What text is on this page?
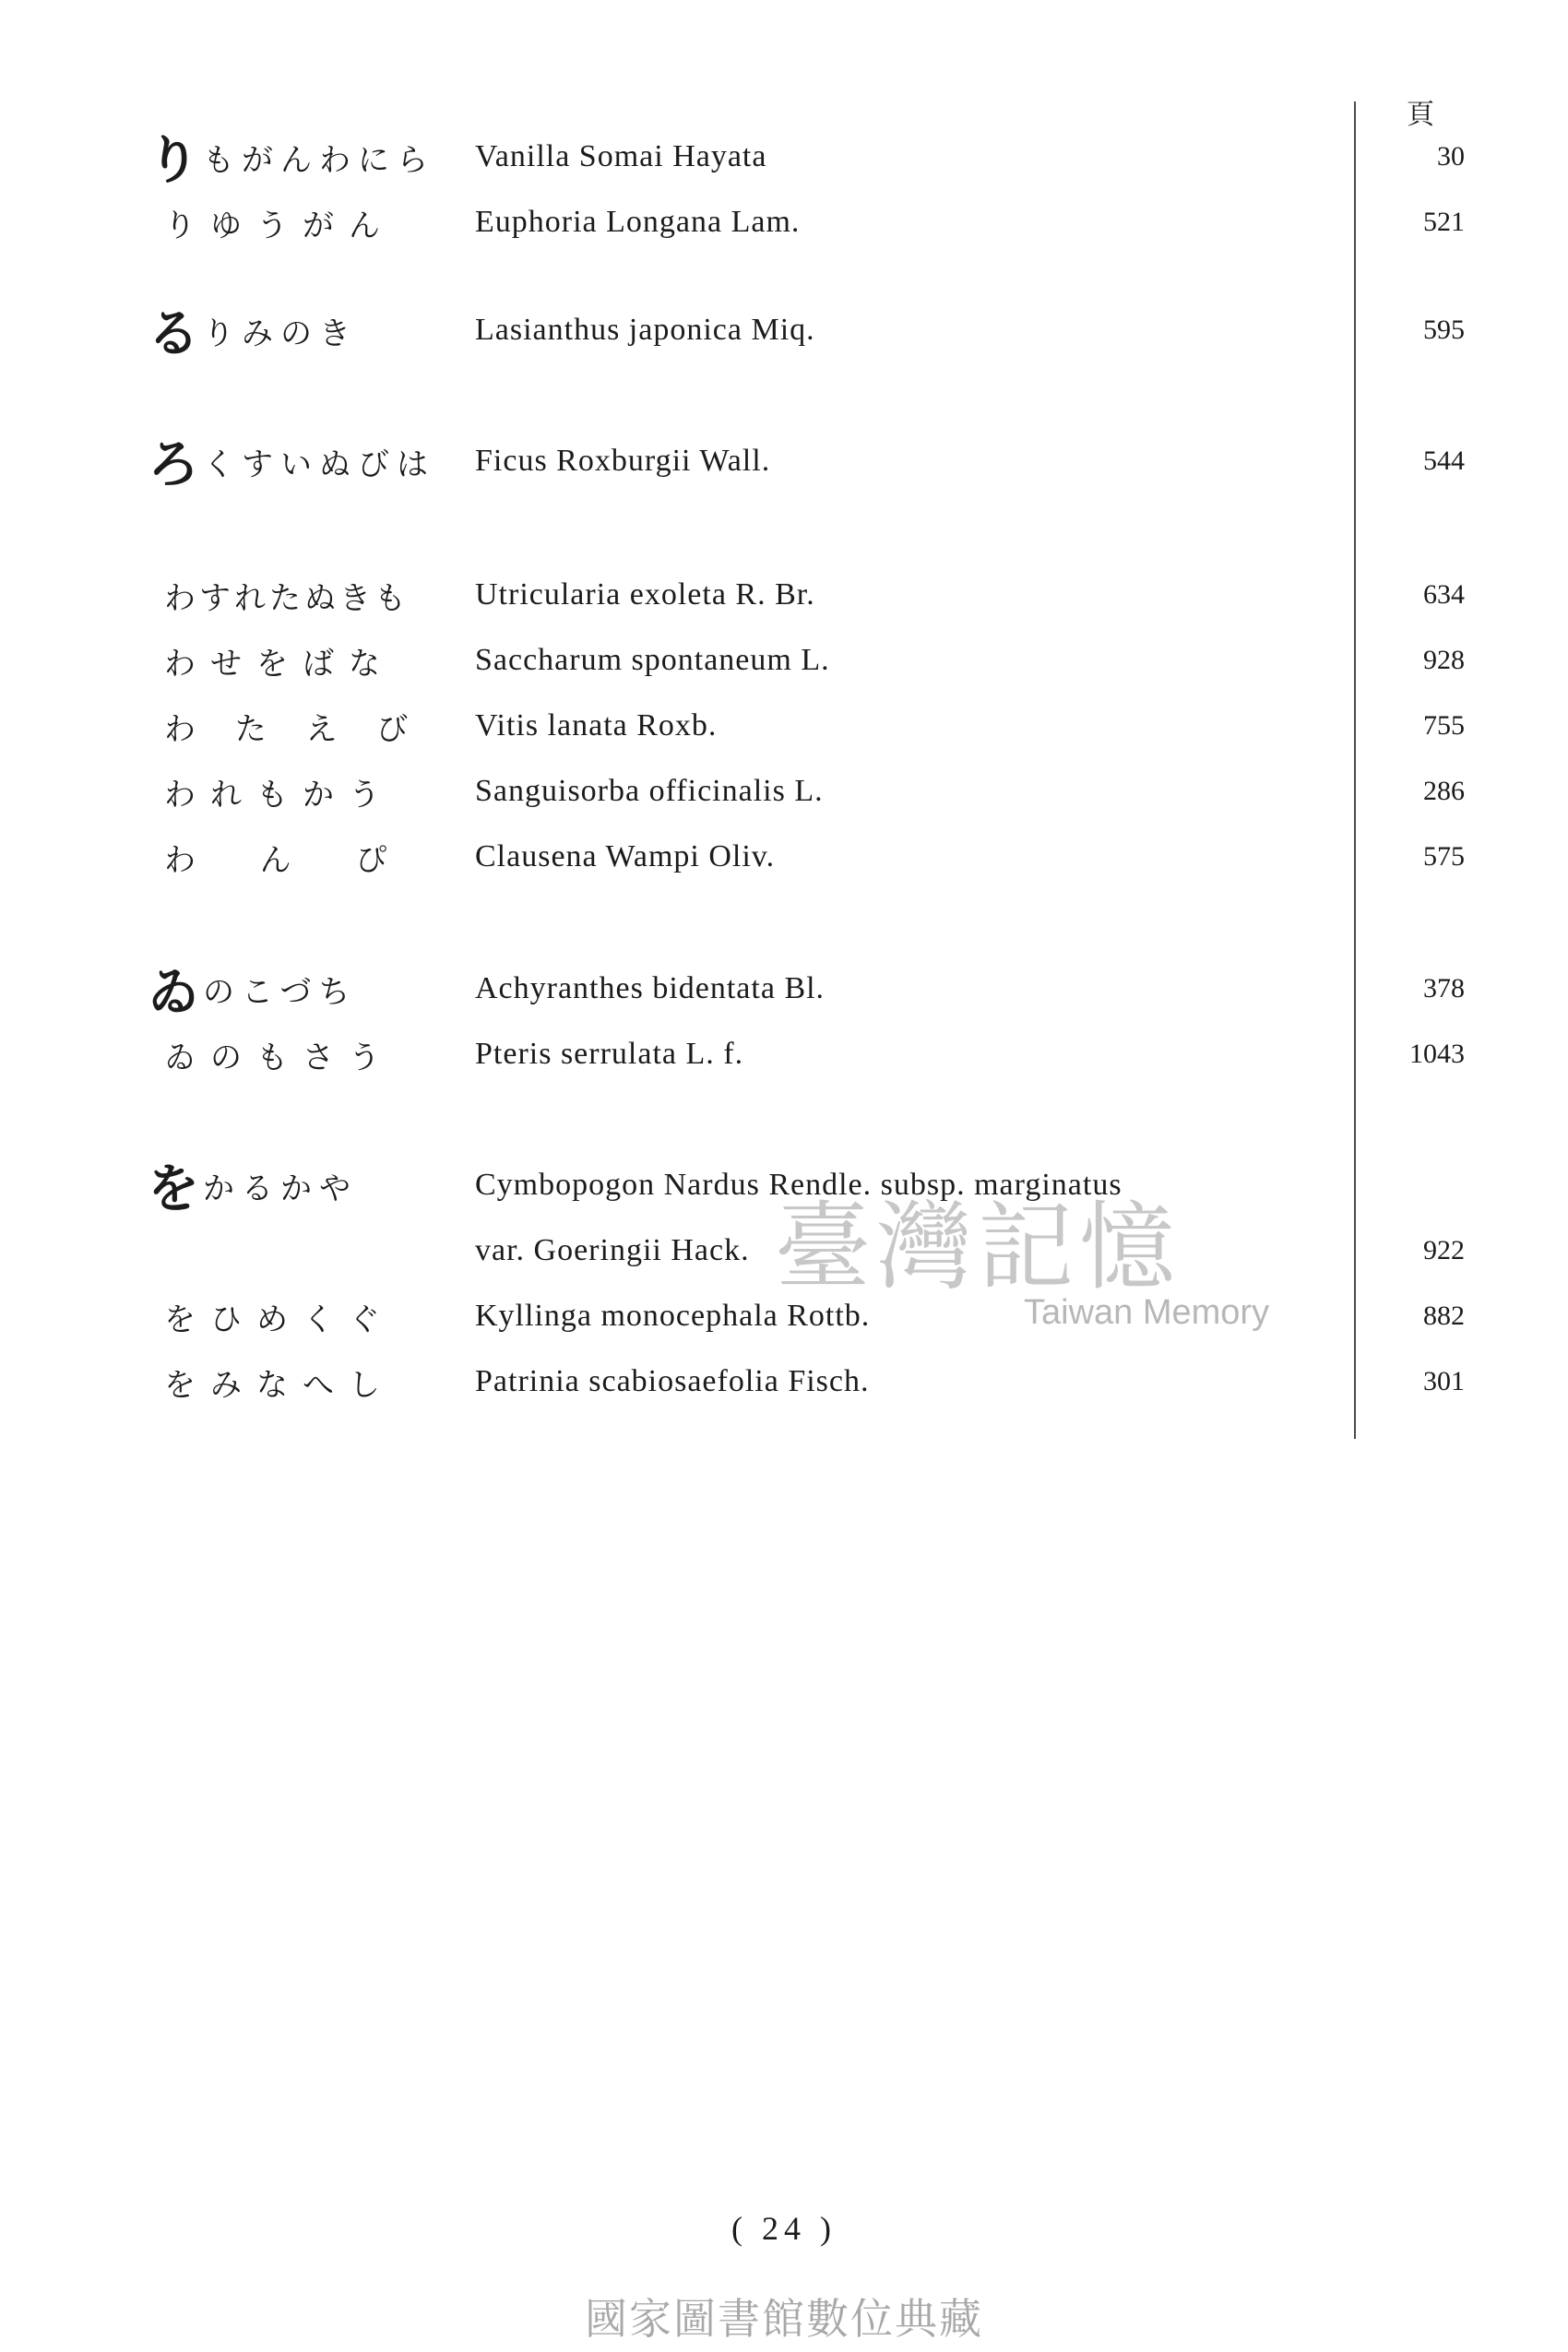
頁
り もがんわにら Vanilla Somai Hayata	30
りゆうがん	Euphoria Longana Lam.	521
る りみのき	Lasianthus japonica Miq.	595
ろ くすいぬびは Ficus Roxburgii Wall.	544
わすれたぬきも Utricularia exoleta R. Br.	634
わせをばな	Saccharum spontaneum L.	928
わ た え び Vitis lanata Roxb.	755
われもかう	Sanguisorba officinalis L.	286
わ  ん  ぴ Clausena Wampi Oliv.	575
ゐ のこづち	Achyranthes bidentata Bl.	378
ゐのもさう	Pteris serrulata L. f.	1043
を かるかや	Cymbopogon Nardus Rendle. subsp. marginatus
var. Goeringii Hack.	922
をひめくぐ	Kyllinga monocephala Rottb.	882
をみなへし	Patrinia scabiosaefolia Fisch.	301
臺灣記憶
Taiwan Memory
( 24 )
國家圖書館數位典藏
